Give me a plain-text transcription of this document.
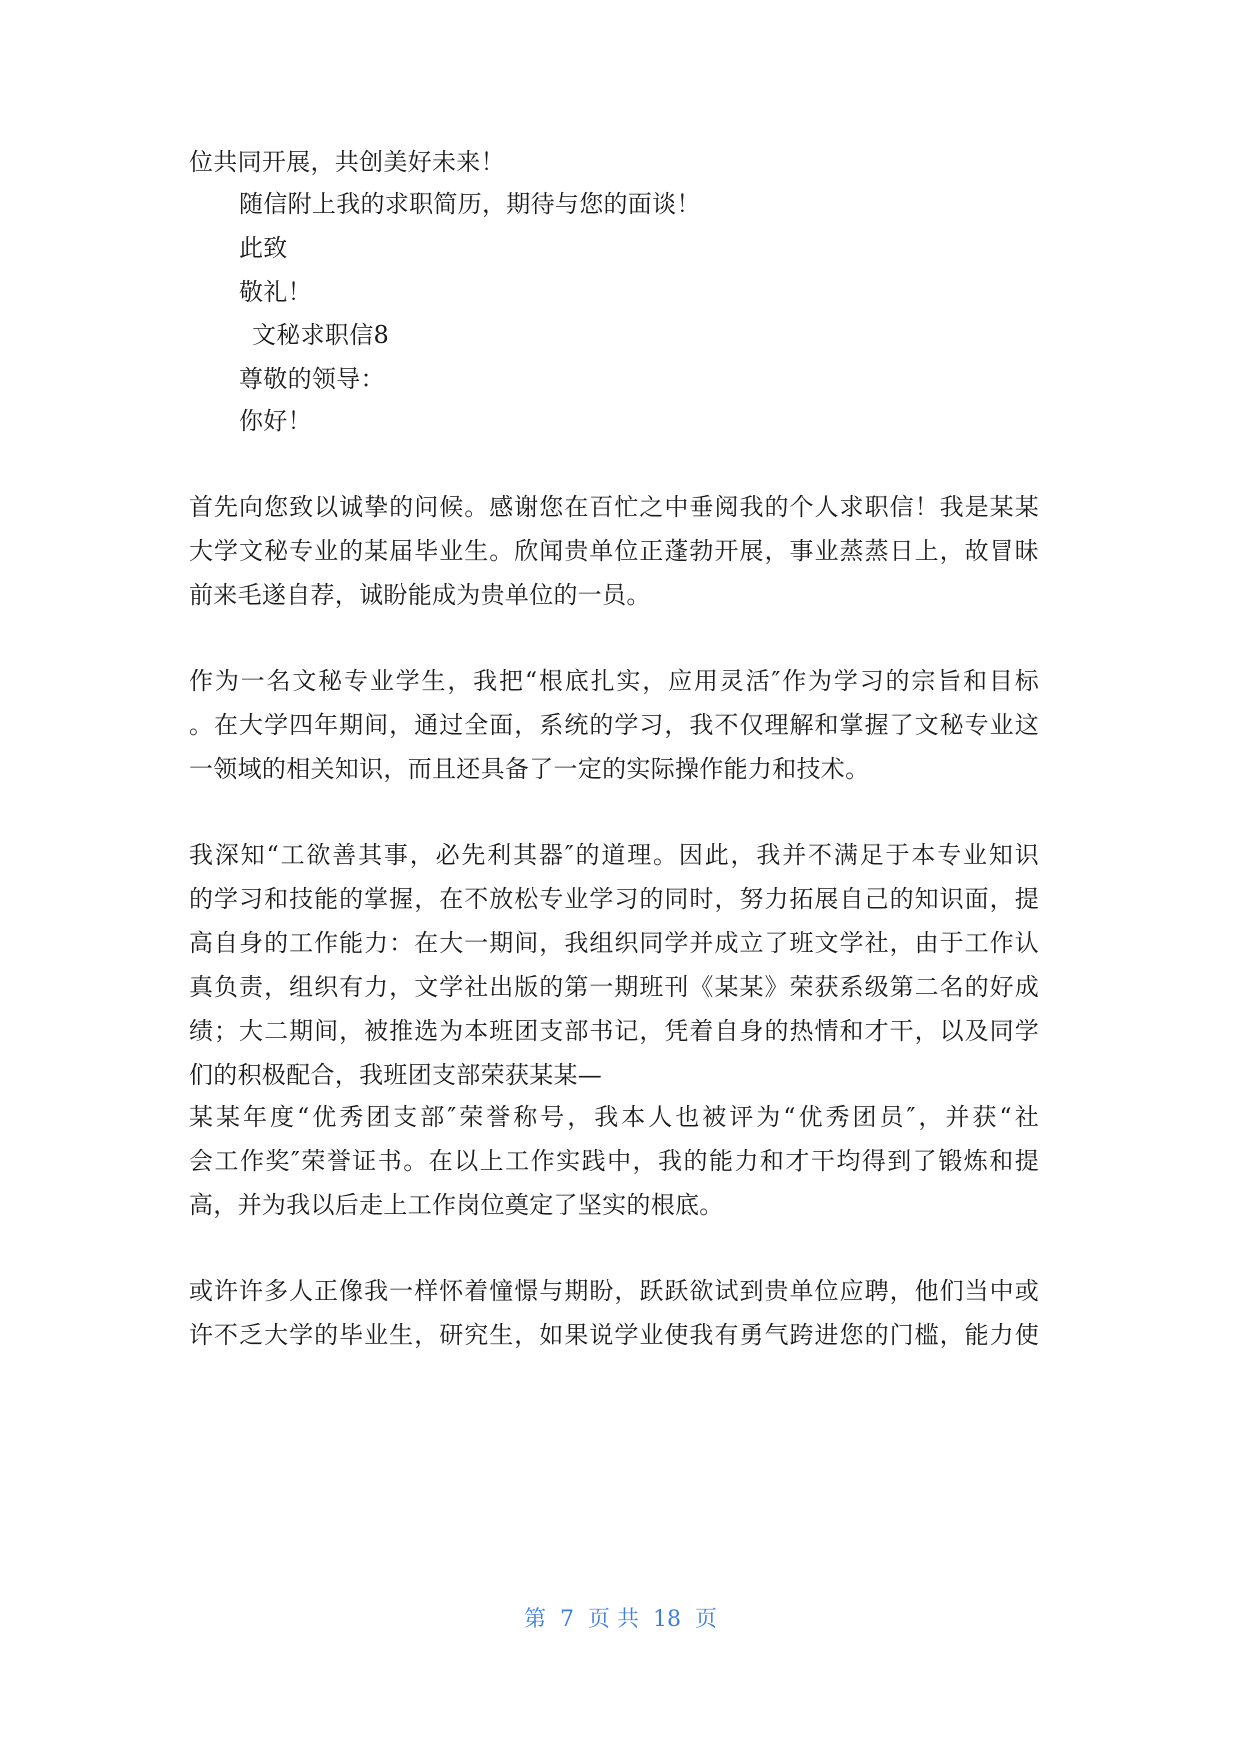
位共同开展，共创美好未来！
随信附上我的求职简历，期待与您的面谈！
此致
敬礼！
文秘求职信8
尊敬的领导：
你好！
首先向您致以诚挚的问候。感谢您在百忙之中垂阅我的个人求职信！我是某某
大学文秘专业的某届毕业生。欣闻贵单位正蓬勃开展，事业蒸蒸日上，故冒昧
前来毛遂自荐，诚盼能成为贵单位的一员。
作为一名文秘专业学生，我把“根底扎实，应用灵活″作为学习的宗旨和目标
。在大学四年期间，通过全面，系统的学习，我不仅理解和掌握了文秘专业这
一领域的相关知识，而且还具备了一定的实际操作能力和技术。
我深知“工欲善其事，必先利其器″的道理。因此，我并不满足于本专业知识
的学习和技能的掌握，在不放松专业学习的同时，努力拓展自己的知识面，提
高自身的工作能力：在大一期间，我组织同学并成立了班文学社，由于工作认
真负责，组织有力，文学社出版的第一期班刊《某某》荣获系级第二名的好成
绩；大二期间，被推选为本班团支部书记，凭着自身的热情和才干，以及同学
们的积极配合，我班团支部荣获某某—
某某年度“优秀团支部″荣誉称号，我本人也被评为“优秀团员″，并获“社
会工作奖″荣誉证书。在以上工作实践中，我的能力和才干均得到了锻炼和提
高，并为我以后走上工作岗位奠定了坚实的根底。
或许许多人正像我一样怀着憧憬与期盼，跃跃欲试到贵单位应聘，他们当中或
许不乏大学的毕业生，研究生，如果说学业使我有勇气跨进您的门槛，能力使
第  7  页 共  18  页
